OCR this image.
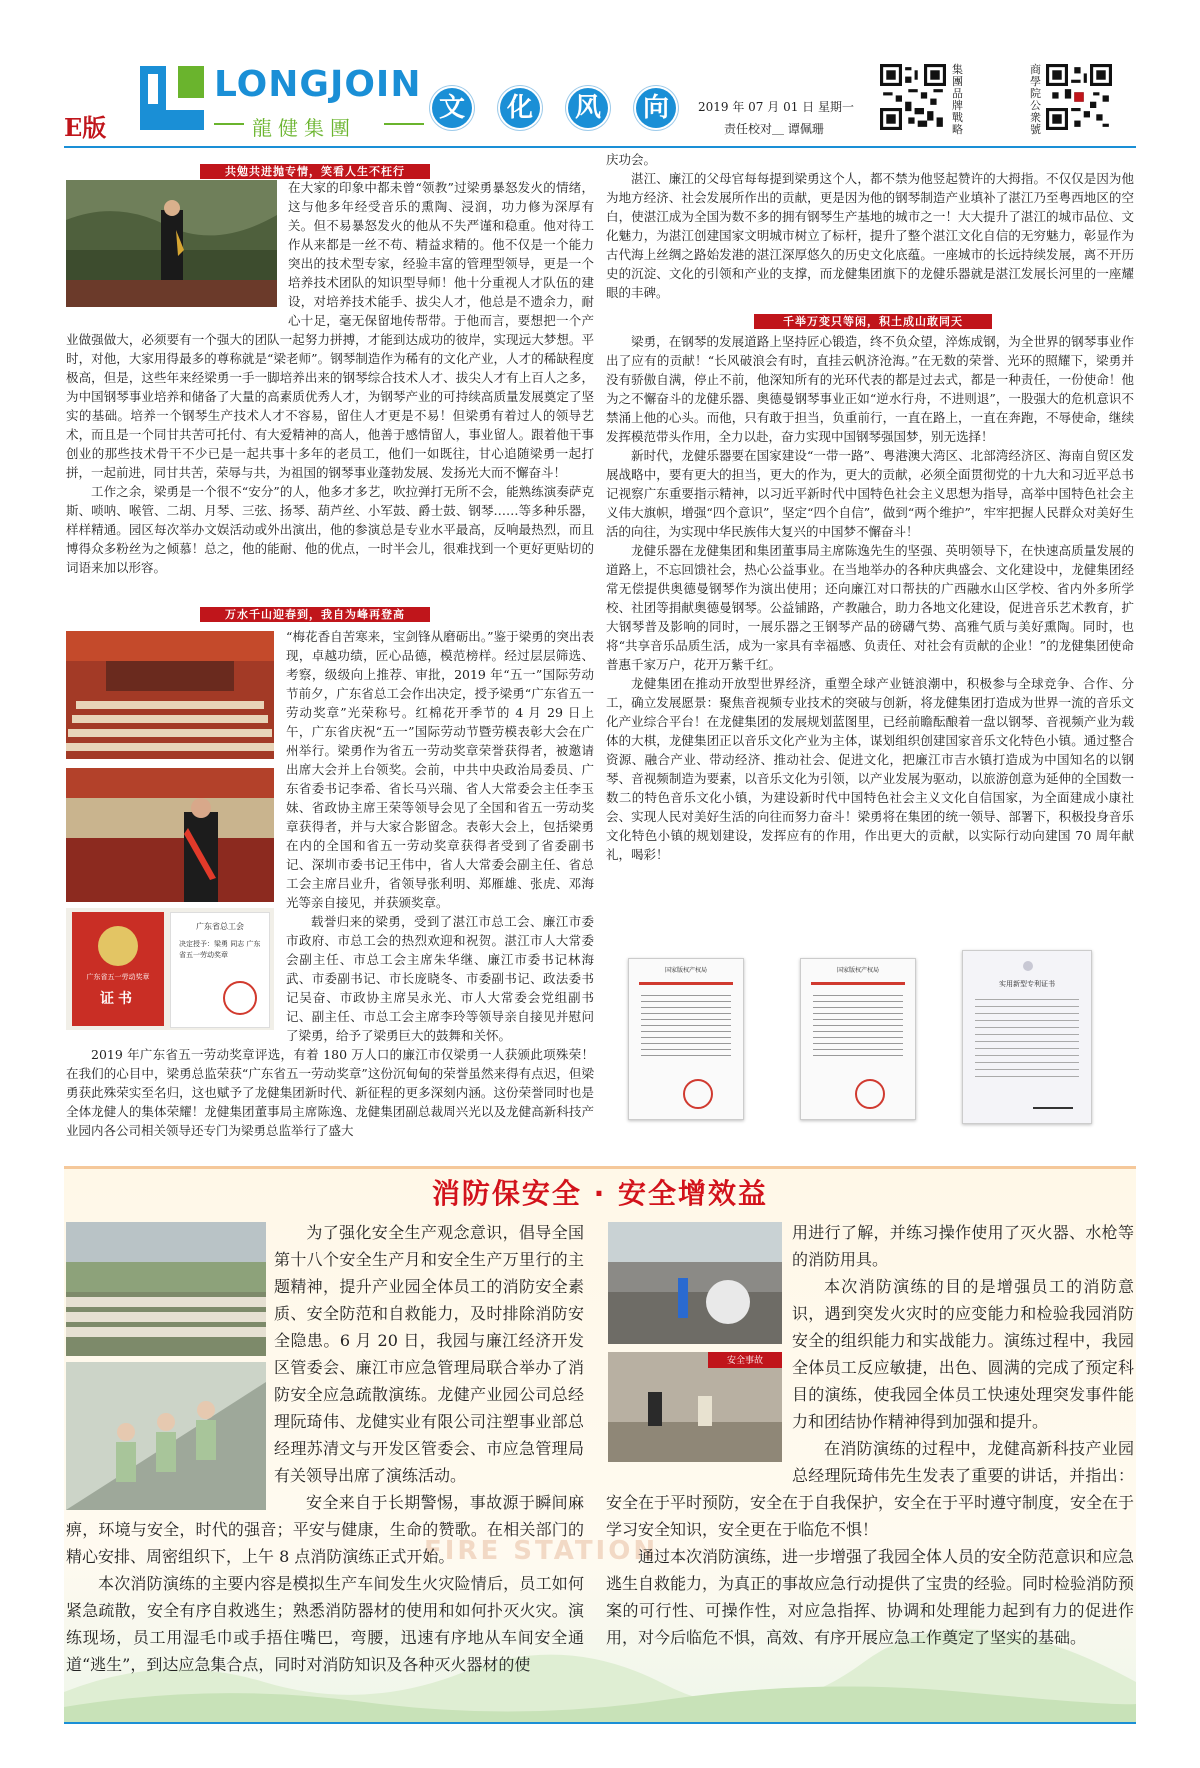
E版
LONGJOIN
龍健集團
文 化 风 向	2019 年 07 月 01 日 星期一
责任校对＿ 谭佩珊
集團品牌戰略
商學院公衆號
共勉共进抛专情，笑看人生不枉行

在大家的印象中都未曾“领教”过梁勇暴怒发火的情绪，这与他多年经受音乐的熏陶、浸润，功力修为深厚有关。但不易暴怒发火的他从不失严谨和稳重。他对待工作从来都是一丝不苟、精益求精的。他不仅是一个能力突出的技术型专家，经验丰富的管理型领导，更是一个培养技术团队的知识型导师！他十分重视人才队伍的建设，对培养技术能手、拔尖人才，他总是不遗余力，耐心十足，毫无保留地传帮带。于他而言，要想把一个产业做强做大，必须要有一个强大的团队一起努力拼搏，才能到达成功的彼岸，实现远大梦想。平时，对他，大家用得最多的尊称就是“梁老师”。钢琴制造作为稀有的文化产业，人才的稀缺程度极高，但是，这些年来经梁勇一手一脚培养出来的钢琴综合技术人才、拔尖人才有上百人之多，为中国钢琴事业培养和储备了大量的高素质优秀人才，为钢琴产业的可持续高质量发展奠定了坚实的基础。培养一个钢琴生产技术人才不容易，留住人才更是不易！但梁勇有着过人的领导艺术，而且是一个同甘共苦可托付、有大爱精神的高人，他善于感情留人，事业留人。跟着他干事创业的那些技术骨干不少已是一起共事十多年的老员工，他们一如既往，甘心追随梁勇一起打拼，一起前进，同甘共苦，荣辱与共，为祖国的钢琴事业蓬勃发展、发扬光大而不懈奋斗！

工作之余，梁勇是一个很不“安分”的人，他多才多艺，吹拉弹打无所不会，能熟练演奏萨克斯、唢呐、喉管、二胡、月琴、三弦、扬琴、葫芦丝、小军鼓、爵士鼓、钢琴……等多种乐器，样样精通。园区每次举办文娱活动或外出演出，他的参演总是专业水平最高，反响最热烈，而且博得众多粉丝为之倾慕！总之，他的能耐、他的优点，一时半会儿，很难找到一个更好更贴切的词语来加以形容。

万水千山迎春到，我自为峰再登高
广东省五一劳动奖章
证书
广东省总工会
决定授予：梁勇 同志 广东省五一劳动奖章

“梅花香自苦寒来，宝剑锋从磨砺出。”鉴于梁勇的突出表现，卓越功绩，匠心品德，模范榜样。经过层层筛选、考察，级级向上推荐、审批，2019 年“五一”国际劳动节前夕，广东省总工会作出决定，授予梁勇“广东省五一劳动奖章”光荣称号。红棉花开季节的 4 月 29 日上午，广东省庆祝“五一”国际劳动节暨劳模表彰大会在广州举行。梁勇作为省五一劳动奖章荣誉获得者，被邀请出席大会并上台领奖。会前，中共中央政治局委员、广东省委书记李希、省长马兴瑞、省人大常委会主任李玉妹、省政协主席王荣等领导会见了全国和省五一劳动奖章获得者，并与大家合影留念。表彰大会上，包括梁勇在内的全国和省五一劳动奖章获得者受到了省委副书记、深圳市委书记王伟中，省人大常委会副主任、省总工会主席吕业升，省领导张利明、郑雁雄、张虎、邓海光等亲自接见，并获颁奖章。

载誉归来的梁勇，受到了湛江市总工会、廉江市委市政府、市总工会的热烈欢迎和祝贺。湛江市人大常委会副主任、市总工会主席朱华继、廉江市委书记林海武、市委副书记、市长庞晓冬、市委副书记、政法委书记吴奋、市政协主席吴永光、市人大常委会党组副书记、副主任、市总工会主席李玲等领导亲自接见并慰问了梁勇，给予了梁勇巨大的鼓舞和关怀。

2019 年广东省五一劳动奖章评选，有着 180 万人口的廉江市仅梁勇一人获颁此项殊荣！在我们的心目中，梁勇总监荣获“广东省五一劳动奖章”这份沉甸甸的荣誉虽然来得有点迟，但梁勇获此殊荣实至名归，这也赋予了龙健集团新时代、新征程的更多深刻内涵。这份荣誉同时也是全体龙健人的集体荣耀！龙健集团董事局主席陈逸、龙健集团副总裁周兴光以及龙健高新科技产业园内各公司相关领导还专门为梁勇总监举行了盛大

庆功会。

湛江、廉江的父母官每每提到梁勇这个人，都不禁为他竖起赞许的大拇指。不仅仅是因为他为地方经济、社会发展所作出的贡献，更是因为他的钢琴制造产业填补了湛江乃至粤西地区的空白，使湛江成为全国为数不多的拥有钢琴生产基地的城市之一！大大提升了湛江的城市品位、文化魅力，为湛江创建国家文明城市树立了标杆，提升了整个湛江文化自信的无穷魅力，彰显作为古代海上丝绸之路始发港的湛江深厚悠久的历史文化底蕴。一座城市的长远持续发展，离不开历史的沉淀、文化的引领和产业的支撑，而龙健集团旗下的龙健乐器就是湛江发展长河里的一座耀眼的丰碑。

千举万变只等闲，积土成山敢同天

梁勇，在钢琴的发展道路上坚持匠心锻造，终不负众望，淬炼成钢，为全世界的钢琴事业作出了应有的贡献！“长风破浪会有时，直挂云帆济沧海。”在无数的荣誉、光环的照耀下，梁勇并没有骄傲自满，停止不前，他深知所有的光环代表的都是过去式，都是一种责任，一份使命！他为之不懈奋斗的龙健乐器、奥德曼钢琴事业正如“逆水行舟，不进则退”，一股强大的危机意识不禁涌上他的心头。而他，只有敢于担当，负重前行，一直在路上，一直在奔跑，不辱使命，继续发挥模范带头作用，全力以赴，奋力实现中国钢琴强国梦，别无选择！

新时代，龙健乐器要在国家建设“一带一路”、粤港澳大湾区、北部湾经济区、海南自贸区发展战略中，要有更大的担当，更大的作为，更大的贡献，必须全面贯彻党的十九大和习近平总书记视察广东重要指示精神，以习近平新时代中国特色社会主义思想为指导，高举中国特色社会主义伟大旗帜，增强“四个意识”，坚定“四个自信”，做到“两个维护”，牢牢把握人民群众对美好生活的向往，为实现中华民族伟大复兴的中国梦不懈奋斗！

龙健乐器在龙健集团和集团董事局主席陈逸先生的坚强、英明领导下，在快速高质量发展的道路上，不忘回馈社会，热心公益事业。在当地举办的各种庆典盛会、文化建设中，龙健集团经常无偿提供奥德曼钢琴作为演出使用；还向廉江对口帮扶的广西融水山区学校、省内外多所学校、社团等捐献奥德曼钢琴。公益铺路，产教融合，助力各地文化建设，促进音乐艺术教育，扩大钢琴普及影响的同时，一展乐器之王钢琴产品的磅礴气势、高雅气质与美好熏陶。同时，也将“共享音乐品质生活，成为一家具有幸福感、负责任、对社会有贡献的企业！”的龙健集团使命普惠千家万户，花开万紫千红。

龙健集团在推动开放型世界经济，重塑全球产业链浪潮中，积极参与全球竞争、合作、分工，确立发展愿景：聚焦音视频专业技术的突破与创新，将龙健集团打造成为世界一流的音乐文化产业综合平台！在龙健集团的发展规划蓝图里，已经前瞻酝酿着一盘以钢琴、音视频产业为载体的大棋，龙健集团正以音乐文化产业为主体，谋划组织创建国家音乐文化特色小镇。通过整合资源、融合产业、带动经济、推动社会、促进文化，把廉江市吉水镇打造成为中国知名的以钢琴、音视频制造为要素，以音乐文化为引领，以产业发展为驱动，以旅游创意为延伸的全国数一数二的特色音乐文化小镇，为建设新时代中国特色社会主义文化自信国家，为全面建成小康社会、实现人民对美好生活的向往而努力奋斗！梁勇将在集团的统一领导、部署下，积极投身音乐文化特色小镇的规划建设，发挥应有的作用，作出更大的贡献，以实际行动向建国 70 周年献礼，喝彩！

国家版权产权局	国家版权产权局
实用新型专利证书
FIRE STATION
消防保安全 · 安全增效益

为了强化安全生产观念意识，倡导全国第十八个安全生产月和安全生产万里行的主题精神，提升产业园全体员工的消防安全素质、安全防范和自救能力，及时排除消防安全隐患。6 月 20 日，我园与廉江经济开发区管委会、廉江市应急管理局联合举办了消防安全应急疏散演练。龙健产业园公司总经理阮琦伟、龙健实业有限公司注塑事业部总经理苏清文与开发区管委会、市应急管理局有关领导出席了演练活动。

安全来自于长期警惕，事故源于瞬间麻痹，环境与安全，时代的强音；平安与健康，生命的赞歌。在相关部门的精心安排、周密组织下，上午 8 点消防演练正式开始。

本次消防演练的主要内容是模拟生产车间发生火灾险情后，员工如何紧急疏散，安全有序自救逃生；熟悉消防器材的使用和如何扑灭火灾。演练现场，员工用湿毛巾或手捂住嘴巴，弯腰，迅速有序地从车间安全通道“逃生”，到达应急集合点，同时对消防知识及各种灭火器材的使

安全事故

用进行了解，并练习操作使用了灭火器、水枪等的消防用具。

本次消防演练的目的是增强员工的消防意识，遇到突发火灾时的应变能力和检验我园消防安全的组织能力和实战能力。演练过程中，我园全体员工反应敏捷，出色、圆满的完成了预定科目的演练，使我园全体员工快速处理突发事件能力和团结协作精神得到加强和提升。

在消防演练的过程中，龙健高新科技产业园总经理阮琦伟先生发表了重要的讲话，并指出：安全在于平时预防，安全在于自我保护，安全在于平时遵守制度，安全在于学习安全知识，安全更在于临危不惧！

通过本次消防演练，进一步增强了我园全体人员的安全防范意识和应急逃生自救能力，为真正的事故应急行动提供了宝贵的经验。同时检验消防预案的可行性、可操作性，对应急指挥、协调和处理能力起到有力的促进作用，对今后临危不惧，高效、有序开展应急工作奠定了坚实的基础。
